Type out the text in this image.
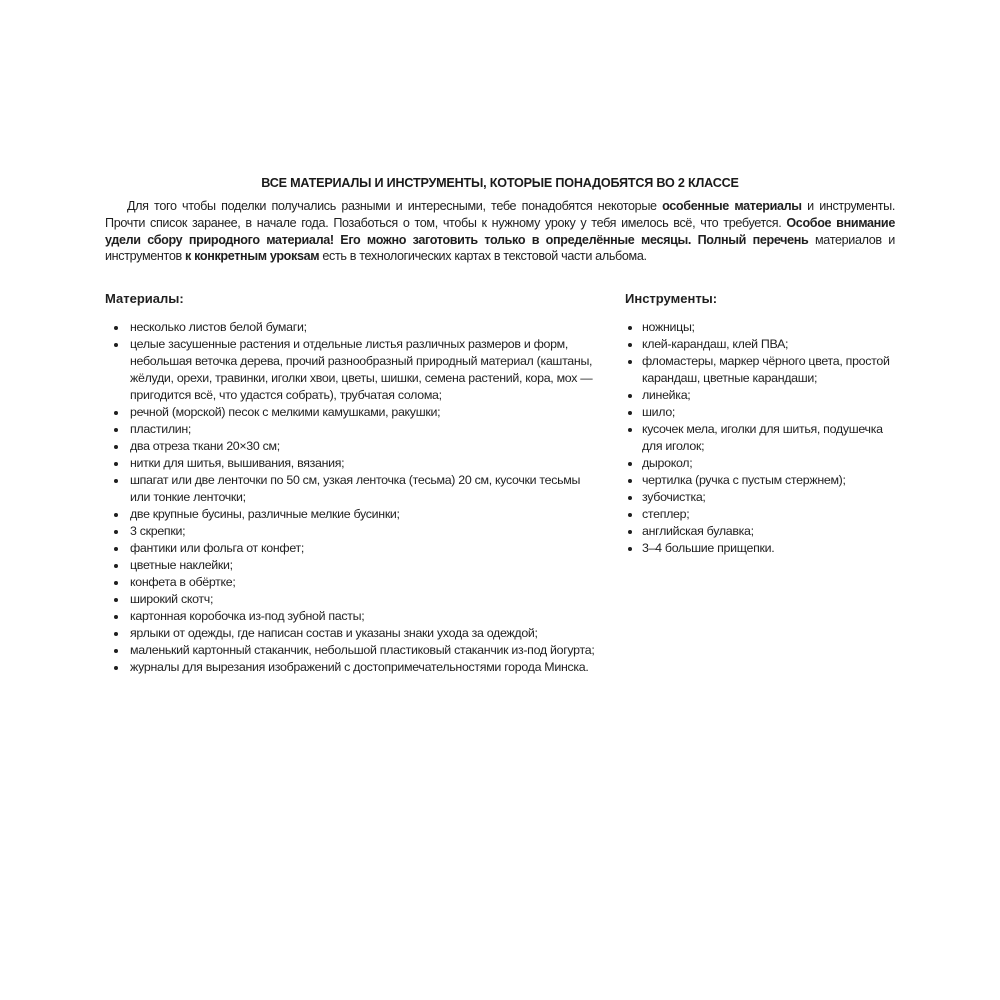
ВСЕ МАТЕРИАЛЫ И ИНСТРУМЕНТЫ, КОТОРЫЕ ПОНАДОБЯТСЯ ВО 2 КЛАССЕ

Для того чтобы поделки получались разными и интересными, тебе понадобятся некоторые особенные материалы и инструменты. Прочти список заранее, в начале года. Позаботься о том, чтобы к нужному уроку у тебя имелось всё, что требуется. Особое внимание удели сбору природного материала! Его можно заготовить только в определённые месяцы. Полный перечень материалов и инструментов к конкретным урокsам есть в технологических картах в текстовой части альбома.

Материалы:
несколько листов белой бумаги;
целые засушенные растения и отдельные листья различных размеров и форм, небольшая веточка дерева, прочий разнообразный природный материал (каштаны, жёлуди, орехи, травинки, иголки хвои, цветы, шишки, семена растений, кора, мох — пригодится всё, что удастся собрать), трубчатая солома;
речной (морской) песок с мелкими камушками, ракушки;
пластилин;
два отреза ткани 20×30 см;
нитки для шитья, вышивания, вязания;
шпагат или две ленточки по 50 см, узкая ленточка (тесьма) 20 см, кусочки тесьмы или тонкие ленточки;
две крупные бусины, различные мелкие бусинки;
3 скрепки;
фантики или фольга от конфет;
цветные наклейки;
конфета в обёртке;
широкий скотч;
картонная коробочка из-под зубной пасты;
ярлыки от одежды, где написан состав и указаны знаки ухода за одеждой;
маленький картонный стаканчик, небольшой пластиковый стаканчик из-под йогурта;
журналы для вырезания изображений с достопримечательностями города Минска.
Инструменты:
ножницы;
клей-карандаш, клей ПВА;
фломастеры, маркер чёрного цвета, простой карандаш, цветные карандаши;
линейка;
шило;
кусочек мела, иголки для шитья, подушечка для иголок;
дырокол;
чертилка (ручка с пустым стержнем);
зубочистка;
степлер;
английская булавка;
3–4 большие прищепки.
